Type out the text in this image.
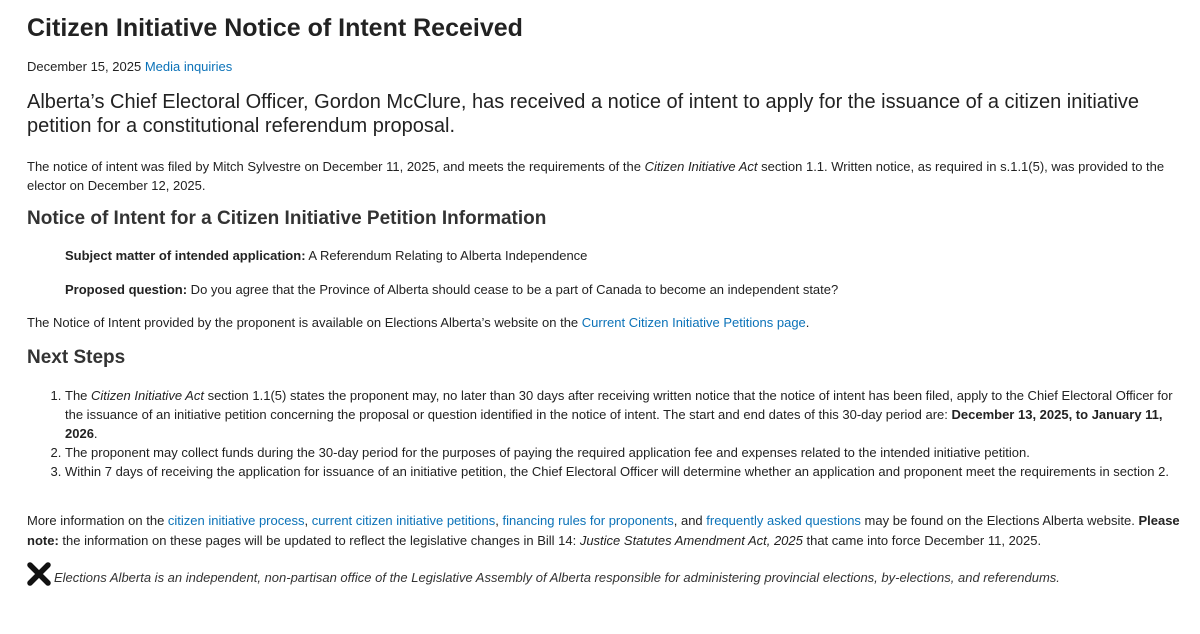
Citizen Initiative Notice of Intent Received
December 15, 2025 Media inquiries
Alberta’s Chief Electoral Officer, Gordon McClure, has received a notice of intent to apply for the issuance of a citizen initiative petition for a constitutional referendum proposal.
The notice of intent was filed by Mitch Sylvestre on December 11, 2025, and meets the requirements of the Citizen Initiative Act section 1.1. Written notice, as required in s.1.1(5), was provided to the elector on December 12, 2025.
Notice of Intent for a Citizen Initiative Petition Information
Subject matter of intended application: A Referendum Relating to Alberta Independence
Proposed question: Do you agree that the Province of Alberta should cease to be a part of Canada to become an independent state?
The Notice of Intent provided by the proponent is available on Elections Alberta’s website on the Current Citizen Initiative Petitions page.
Next Steps
1. The Citizen Initiative Act section 1.1(5) states the proponent may, no later than 30 days after receiving written notice that the notice of intent has been filed, apply to the Chief Electoral Officer for the issuance of an initiative petition concerning the proposal or question identified in the notice of intent. The start and end dates of this 30-day period are: December 13, 2025, to January 11, 2026.
2. The proponent may collect funds during the 30-day period for the purposes of paying the required application fee and expenses related to the intended initiative petition.
3. Within 7 days of receiving the application for issuance of an initiative petition, the Chief Electoral Officer will determine whether an application and proponent meet the requirements in section 2.
More information on the citizen initiative process, current citizen initiative petitions, financing rules for proponents, and frequently asked questions may be found on the Elections Alberta website. Please note: the information on these pages will be updated to reflect the legislative changes in Bill 14: Justice Statutes Amendment Act, 2025 that came into force December 11, 2025.
Elections Alberta is an independent, non-partisan office of the Legislative Assembly of Alberta responsible for administering provincial elections, by-elections, and referendums.
